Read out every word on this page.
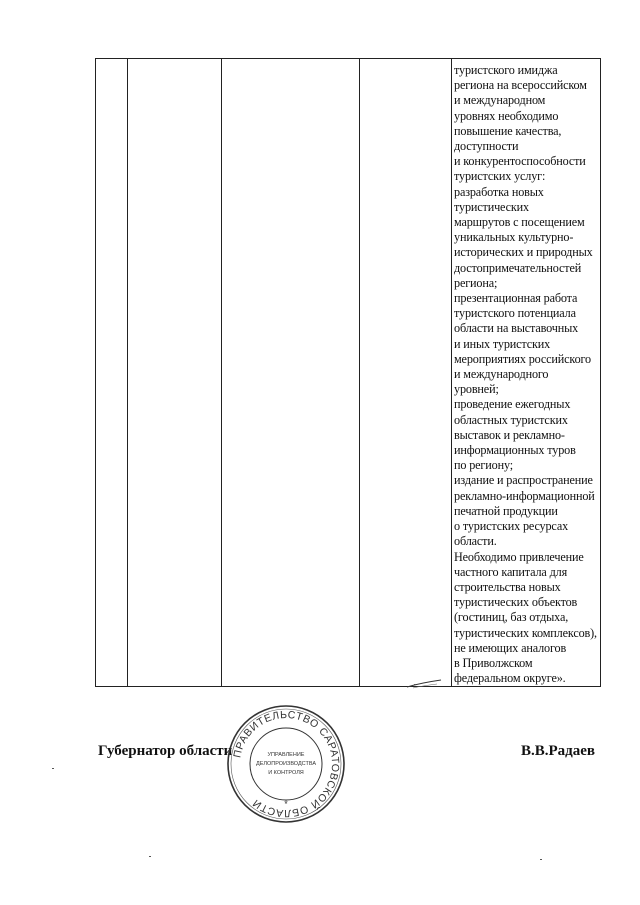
туристского имиджа
региона на всероссийском
и международном
уровнях необходимо
повышение качества,
доступности
и конкурентоспособности
туристских услуг:
разработка новых
туристических
маршрутов с посещением
уникальных культурно-
исторических и природных
достопримечательностей
региона;
презентационная работа
туристского потенциала
области на выставочных
и иных туристских
мероприятиях российского
и международного
уровней;
проведение ежегодных
областных туристских
выставок и рекламно-
информационных туров
по региону;
издание и распространение
рекламно-информационной
печатной продукции
о туристских ресурсах
области.
Необходимо привлечение
частного капитала для
строительства новых
туристических объектов
(гостиниц, баз отдыха,
туристических комплексов),
не имеющих аналогов
в Приволжском
федеральном округе».
Губернатор области	В.В.Радаев
ПРАВИТЕЛЬСТВО САРАТОВСКОЙ ОБЛАСТИ
УПРАВЛЕНИЕ
ДЕЛОПРОИЗВОДСТВА
И КОНТРОЛЯ
*
